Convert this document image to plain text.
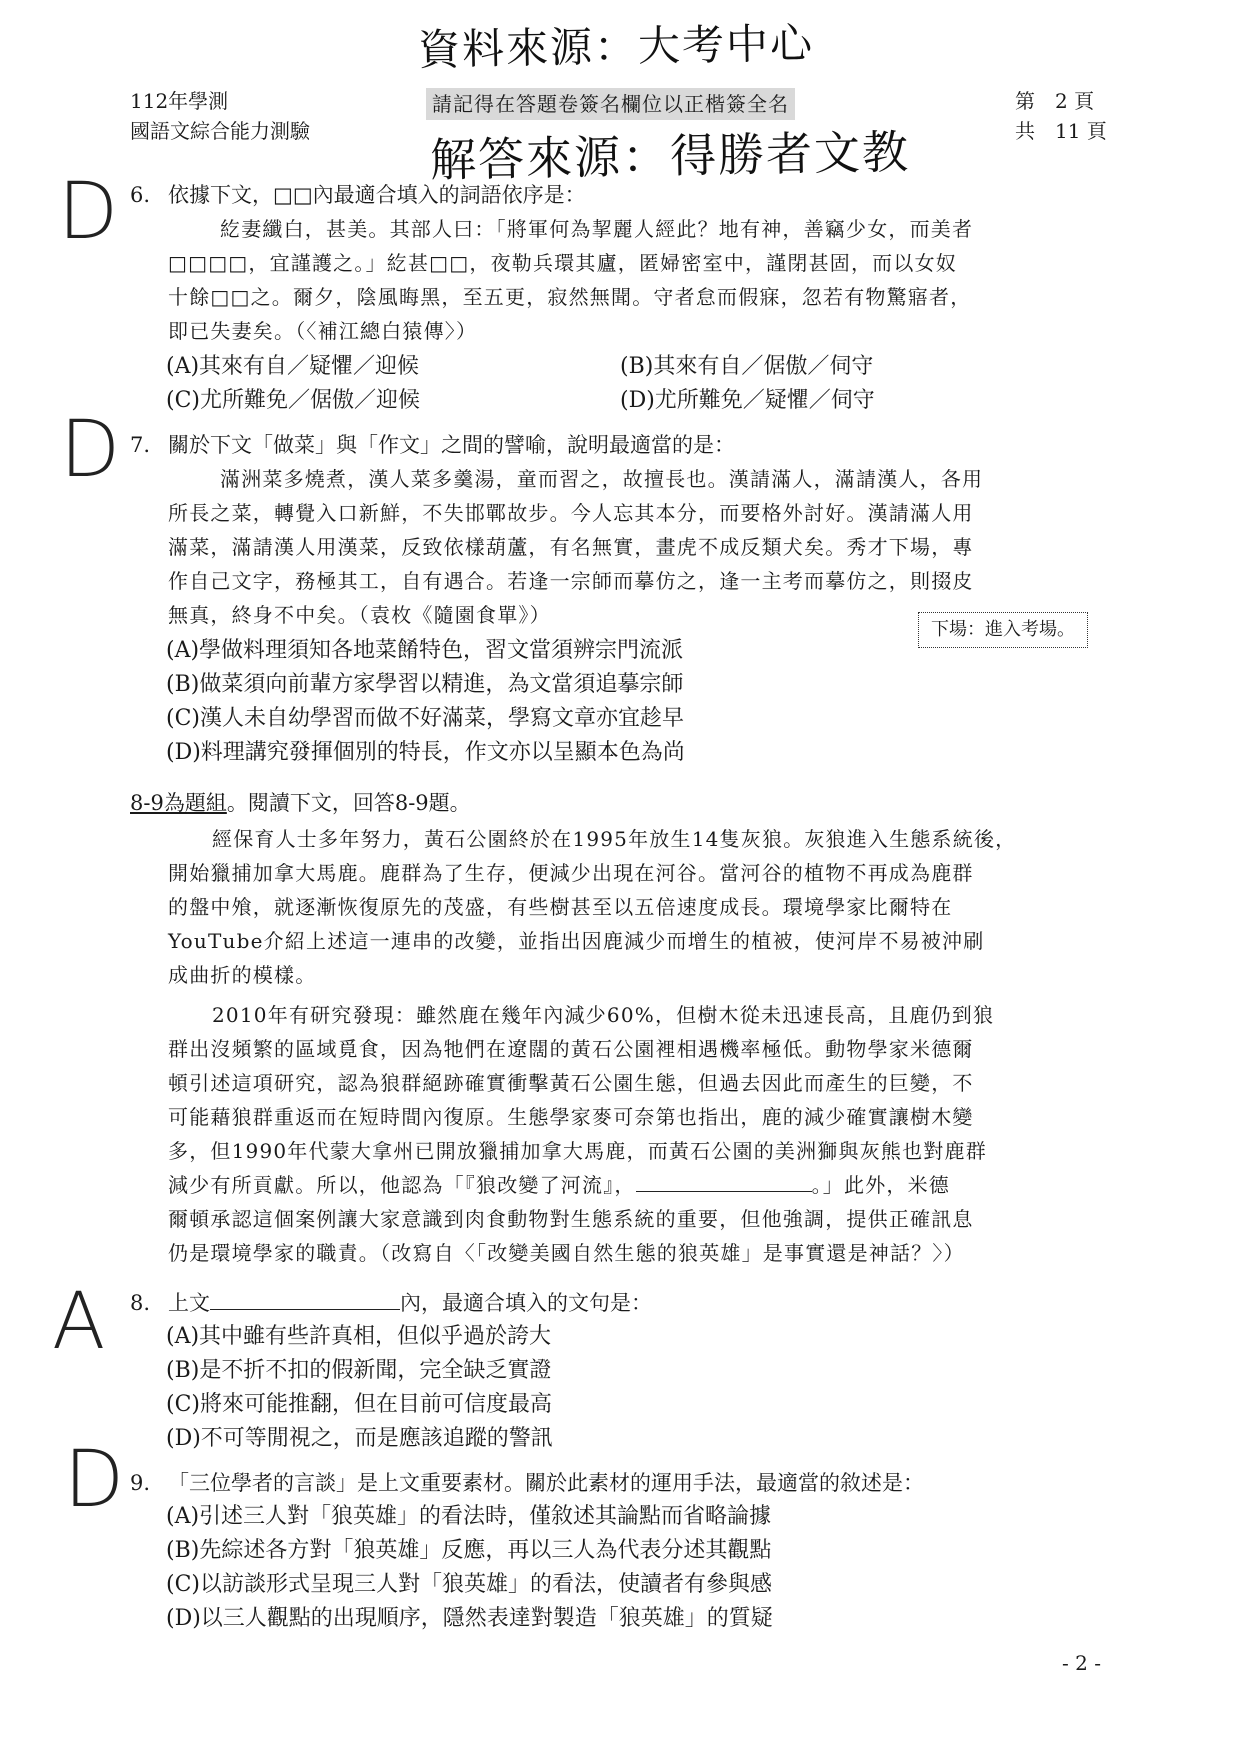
資料來源：大考中心
112年學測
國語文綜合能力測驗
請記得在答題卷簽名欄位以正楷簽全名	第　2 頁
共　11 頁
解答來源：得勝者文教
D
D
A
D
6. 依據下文，□□內最適合填入的詞語依序是：
紇妻纖白，甚美。其部人曰：「將軍何為挈麗人經此？地有神，善竊少女，而美者
□□□□，宜謹護之。」紇甚□□，夜勒兵環其廬，匿婦密室中，謹閉甚固，而以女奴
十餘□□之。爾夕，陰風晦黑，至五更，寂然無聞。守者怠而假寐，忽若有物驚寤者，
即已失妻矣。（〈補江總白猿傳〉）
(A)其來有自／疑懼／迎候	(B)其來有自／倨傲／伺守
(C)尤所難免／倨傲／迎候	(D)尤所難免／疑懼／伺守
7. 關於下文「做菜」與「作文」之間的譬喻，說明最適當的是：
滿洲菜多燒煮，漢人菜多羹湯，童而習之，故擅長也。漢請滿人，滿請漢人，各用
所長之菜，轉覺入口新鮮，不失邯鄲故步。今人忘其本分，而要格外討好。漢請滿人用
滿菜，滿請漢人用漢菜，反致依樣葫蘆，有名無實，畫虎不成反類犬矣。秀才下場，專
作自己文字，務極其工，自有遇合。若逢一宗師而摹仿之，逢一主考而摹仿之，則掇皮
無真，終身不中矣。（袁枚《隨園食單》）
下場：進入考場。
(A)學做料理須知各地菜餚特色，習文當須辨宗門流派
(B)做菜須向前輩方家學習以精進，為文當須追摹宗師
(C)漢人未自幼學習而做不好滿菜，學寫文章亦宜趁早
(D)料理講究發揮個別的特長，作文亦以呈顯本色為尚
8-9為題組。閱讀下文，回答8-9題。
經保育人士多年努力，黃石公園終於在1995年放生14隻灰狼。灰狼進入生態系統後，
開始獵捕加拿大馬鹿。鹿群為了生存，便減少出現在河谷。當河谷的植物不再成為鹿群
的盤中飧，就逐漸恢復原先的茂盛，有些樹甚至以五倍速度成長。環境學家比爾特在
YouTube介紹上述這一連串的改變，並指出因鹿減少而增生的植被，使河岸不易被沖刷
成曲折的模樣。
2010年有研究發現：雖然鹿在幾年內減少60%，但樹木從未迅速長高，且鹿仍到狼
群出沒頻繁的區域覓食，因為牠們在遼闊的黃石公園裡相遇機率極低。動物學家米德爾
頓引述這項研究，認為狼群絕跡確實衝擊黃石公園生態，但過去因此而產生的巨變，不
可能藉狼群重返而在短時間內復原。生態學家麥可奈第也指出，鹿的減少確實讓樹木變
多，但1990年代蒙大拿州已開放獵捕加拿大馬鹿，而黃石公園的美洲獅與灰熊也對鹿群
減少有所貢獻。所以，他認為「『狼改變了河流』，	。」此外，米德
爾頓承認這個案例讓大家意識到肉食動物對生態系統的重要，但他強調，提供正確訊息
仍是環境學家的職責。（改寫自〈「改變美國自然生態的狼英雄」是事實還是神話？〉）
8. 上文	內，最適合填入的文句是：
(A)其中雖有些許真相，但似乎過於誇大
(B)是不折不扣的假新聞，完全缺乏實證
(C)將來可能推翻，但在目前可信度最高
(D)不可等閒視之，而是應該追蹤的警訊
9. 「三位學者的言談」是上文重要素材。關於此素材的運用手法，最適當的敘述是：
(A)引述三人對「狼英雄」的看法時，僅敘述其論點而省略論據
(B)先綜述各方對「狼英雄」反應，再以三人為代表分述其觀點
(C)以訪談形式呈現三人對「狼英雄」的看法，使讀者有參與感
(D)以三人觀點的出現順序，隱然表達對製造「狼英雄」的質疑
- 2 -
